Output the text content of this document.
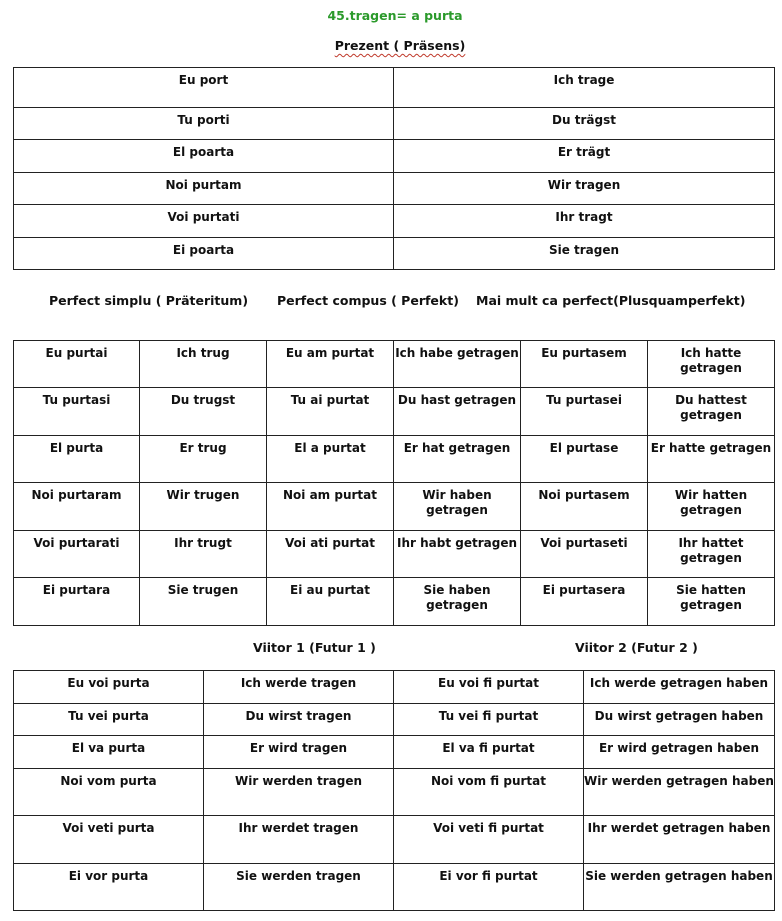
45.tragen= a purta
Prezent ( Präsens)
Eu port	Ich trage
Tu porti	Du trägst
El poarta	Er trägt
Noi purtam	Wir tragen
Voi purtati	Ihr tragt
Ei poarta	Sie tragen
Perfect simplu ( Präteritum) Perfect compus ( Perfekt) Mai mult ca perfect(Plusquamperfekt)
Eu purtai	Ich trug	Eu am purtat	Ich habe getragen	Eu purtasem	Ich hatte getragen
Tu purtasi	Du trugst	Tu ai purtat	Du hast getragen	Tu purtasei	Du hattest getragen
El purta	Er trug	El a purtat	Er hat getragen	El purtase	Er hatte getragen
Noi purtaram	Wir trugen	Noi am purtat	Wir haben getragen	Noi purtasem	Wir hatten getragen
Voi purtarati	Ihr trugt	Voi ati purtat	Ihr habt getragen	Voi purtaseti	Ihr hattet getragen
Ei purtara	Sie trugen	Ei au purtat	Sie haben getragen	Ei purtasera	Sie hatten getragen
Viitor 1 (Futur 1 )	Viitor 2 (Futur 2 )
Eu voi purta	Ich werde tragen	Eu voi fi purtat	Ich werde getragen haben
Tu vei purta	Du wirst tragen	Tu vei fi purtat	Du wirst getragen haben
El va purta	Er wird tragen	El va fi purtat	Er wird getragen haben
Noi vom purta	Wir werden tragen	Noi vom fi purtat	Wir werden getragen haben
Voi veti purta	Ihr werdet tragen	Voi veti fi purtat	Ihr werdet getragen haben
Ei vor purta	Sie werden tragen	Ei vor fi purtat	Sie werden getragen haben
